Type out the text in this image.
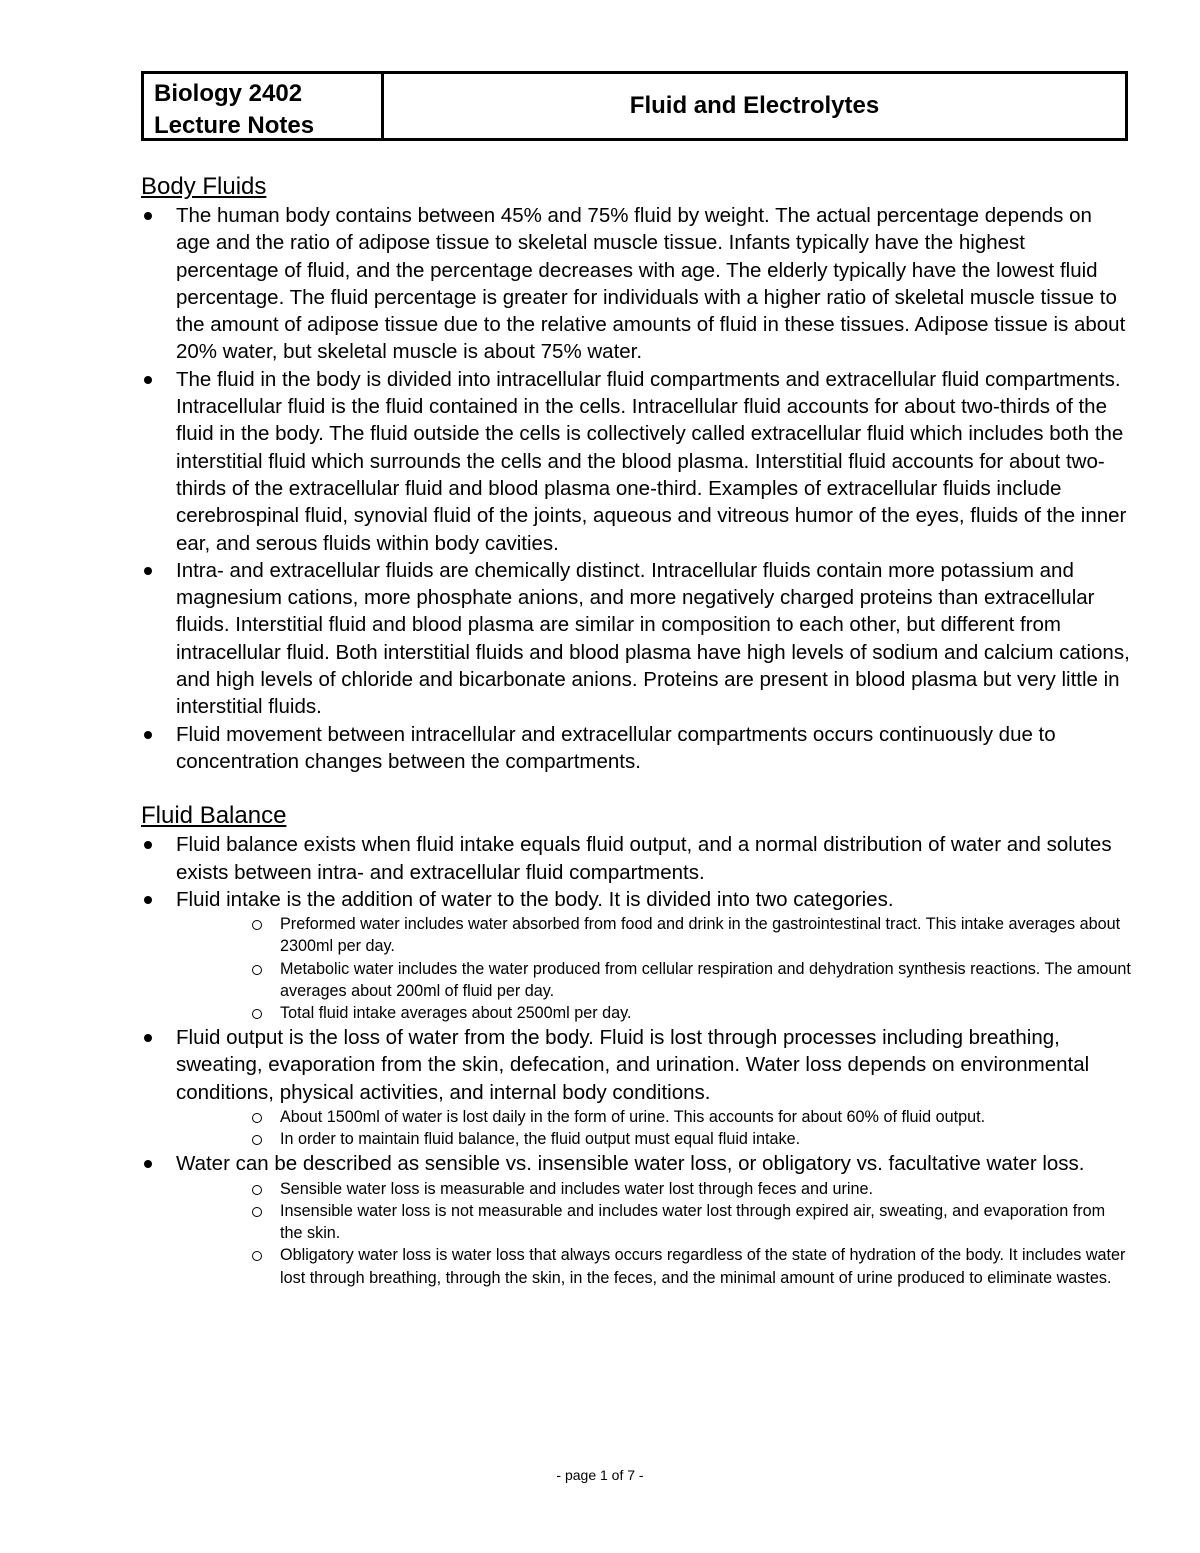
Biology 2402
Lecture Notes
Fluid and Electrolytes
Body Fluids
The human body contains between 45% and 75% fluid by weight. The actual percentage depends on age and the ratio of adipose tissue to skeletal muscle tissue. Infants typically have the highest percentage of fluid, and the percentage decreases with age. The elderly typically have the lowest fluid percentage. The fluid percentage is greater for individuals with a higher ratio of skeletal muscle tissue to the amount of adipose tissue due to the relative amounts of fluid in these tissues. Adipose tissue is about 20% water, but skeletal muscle is about 75% water.
The fluid in the body is divided into intracellular fluid compartments and extracellular fluid compartments. Intracellular fluid is the fluid contained in the cells. Intracellular fluid accounts for about two-thirds of the fluid in the body. The fluid outside the cells is collectively called extracellular fluid which includes both the interstitial fluid which surrounds the cells and the blood plasma. Interstitial fluid accounts for about two-thirds of the extracellular fluid and blood plasma one-third. Examples of extracellular fluids include cerebrospinal fluid, synovial fluid of the joints, aqueous and vitreous humor of the eyes, fluids of the inner ear, and serous fluids within body cavities.
Intra- and extracellular fluids are chemically distinct. Intracellular fluids contain more potassium and magnesium cations, more phosphate anions, and more negatively charged proteins than extracellular fluids. Interstitial fluid and blood plasma are similar in composition to each other, but different from intracellular fluid. Both interstitial fluids and blood plasma have high levels of sodium and calcium cations, and high levels of chloride and bicarbonate anions. Proteins are present in blood plasma but very little in interstitial fluids.
Fluid movement between intracellular and extracellular compartments occurs continuously due to concentration changes between the compartments.
Fluid Balance
Fluid balance exists when fluid intake equals fluid output, and a normal distribution of water and solutes exists between intra- and extracellular fluid compartments.
Fluid intake is the addition of water to the body. It is divided into two categories.
Preformed water includes water absorbed from food and drink in the gastrointestinal tract. This intake averages about 2300ml per day.
Metabolic water includes the water produced from cellular respiration and dehydration synthesis reactions. The amount averages about 200ml of fluid per day.
Total fluid intake averages about 2500ml per day.
Fluid output is the loss of water from the body. Fluid is lost through processes including breathing, sweating, evaporation from the skin, defecation, and urination. Water loss depends on environmental conditions, physical activities, and internal body conditions.
About 1500ml of water is lost daily in the form of urine. This accounts for about 60% of fluid output.
In order to maintain fluid balance, the fluid output must equal fluid intake.
Water can be described as sensible vs. insensible water loss, or obligatory vs. facultative water loss.
Sensible water loss is measurable and includes water lost through feces and urine.
Insensible water loss is not measurable and includes water lost through expired air, sweating, and evaporation from the skin.
Obligatory water loss is water loss that always occurs regardless of the state of hydration of the body. It includes water lost through breathing, through the skin, in the feces, and the minimal amount of urine produced to eliminate wastes.
- page 1 of 7 -
